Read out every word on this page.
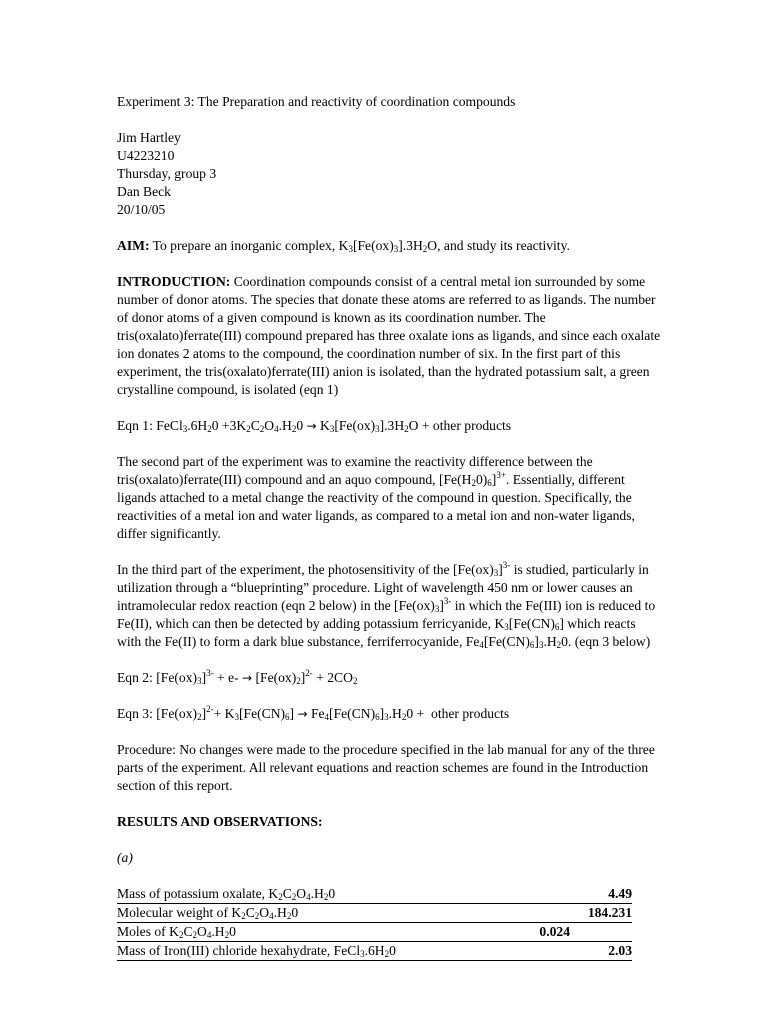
Experiment 3: The Preparation and reactivity of coordination compounds

Jim Hartley

U4223210

Thursday, group 3

Dan Beck

20/10/05

AIM: To prepare an inorganic complex, $K_3[Fe(ox)_3].3H_2O$, and study its reactivity.

INTRODUCTION: Coordination compounds consist of a central metal ion surrounded by some number of donor atoms. The species that donate these atoms are referred to as ligands. The number of donor atoms of a given compound is known as its coordination number. The tris(oxalato)ferrate(III) compound prepared has three oxalate ions as ligands, and since each oxalate ion donates 2 atoms to the compound, the coordination number of six. In the first part of this experiment, the tris(oxalato)ferrate(III) anion is isolated, than the hydrated potassium salt, a green crystalline compound, is isolated (eqn 1)

Eqn 1: $FeCl_3.6H_20 +3K_2C_2O_4.H_20 \to K_3[Fe(ox)_3].3H_2O$ + other products

The second part of the experiment was to examine the reactivity difference between the tris(oxalato)ferrate(III) compound and an aquo compound, $[Fe(H_20)_6]^{3+}$. Essentially, different ligands attached to a metal change the reactivity of the compound in question. Specifically, the reactivities of a metal ion and water ligands, as compared to a metal ion and non-water ligands, differ significantly.

In the third part of the experiment, the photosensitivity of the $[Fe(ox)_3]^{3-}$ is studied, particularly in utilization through a “blueprinting” procedure. Light of wavelength 450 nm or lower causes an intramolecular redox reaction (eqn 2 below) in the $[Fe(ox)_3]^{3-}$ in which the Fe(III) ion is reduced to Fe(II), which can then be detected by adding potassium ferricyanide, $K_3[Fe(CN)_6]$ which reacts with the Fe(II) to form a dark blue substance, ferriferrocyanide, $Fe_4[Fe(CN)_6]_3.H_20$. (eqn 3 below)

Eqn 2: $[Fe(ox)_3]^{3-} + e- \to [Fe(ox)_2]^{2-} + 2CO_2$

Eqn 3: $[Fe(ox)_2]^{2-}+ K_3[Fe(CN)_6] \to Fe_4[Fe(CN)_6]_3.H_20$ +  other products

Procedure: No changes were made to the procedure specified in the lab manual for any of the three parts of the experiment. All relevant equations and reaction schemes are found in the Introduction section of this report.

RESULTS AND OBSERVATIONS:

(a)

Mass of potassium oxalate, $K_2C_2O_4.H_20$	4.49
Molecular weight of $K_2C_2O_4.H_20$	184.231
Moles of $K_2C_2O_4.H_20$	0.024
Mass of Iron(III) chloride hexahydrate, $FeCl_3.6H_20$	2.03
